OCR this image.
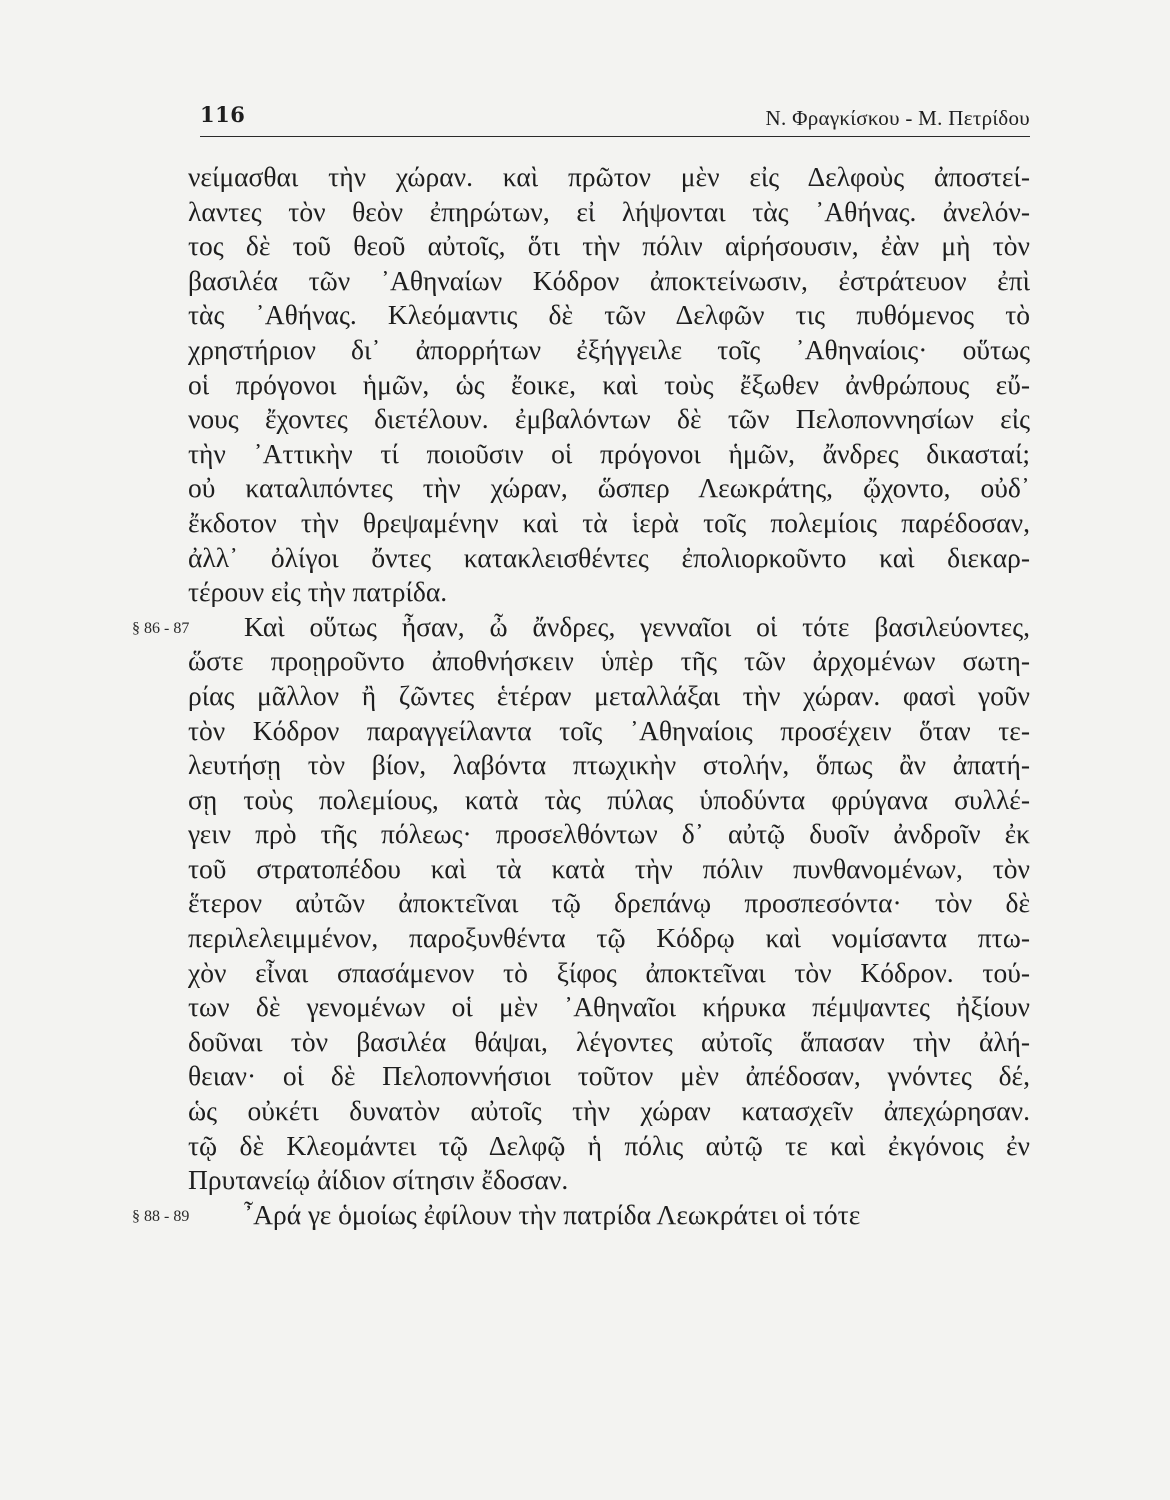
116	Ν. Φραγκίσκου - Μ. Πετρίδου
νείμασθαι τὴν χώραν. καὶ πρῶτον μὲν εἰς Δελφοὺς ἀποστεί-
λαντες τὸν θεὸν ἐπηρώτων, εἰ λήψονται τὰς ᾿Αθήνας. ἀνελόν-
τος δὲ τοῦ θεοῦ αὐτοῖς, ὅτι τὴν πόλιν αἱρήσουσιν, ἐὰν μὴ τὸν
βασιλέα τῶν ᾿Αθηναίων Κόδρον ἀποκτείνωσιν, ἐστράτευον ἐπὶ
τὰς ᾿Αθήνας. Κλεόμαντις δὲ τῶν Δελφῶν τις πυθόμενος τὸ
χρηστήριον δι᾿ ἀπορρήτων ἐξήγγειλε τοῖς ᾿Αθηναίοις· οὕτως
οἱ πρόγονοι ἡμῶν, ὡς ἔοικε, καὶ τοὺς ἔξωθεν ἀνθρώπους εὔ-
νους ἔχοντες διετέλουν. ἐμβαλόντων δὲ τῶν Πελοποννησίων εἰς
τὴν ᾿Αττικὴν τί ποιοῦσιν οἱ πρόγονοι ἡμῶν, ἄνδρες δικασταί;
οὐ καταλιπόντες τὴν χώραν, ὥσπερ Λεωκράτης, ᾤχοντο, οὐδ᾿
ἔκδοτον τὴν θρεψαμένην καὶ τὰ ἱερὰ τοῖς πολεμίοις παρέδοσαν,
ἀλλ᾿ ὀλίγοι ὄντες κατακλεισθέντες ἐπολιορκοῦντο καὶ διεκαρ-
τέρουν εἰς τὴν πατρίδα.
§ 86 - 87 Καὶ οὕτως ἦσαν, ὦ ἄνδρες, γενναῖοι οἱ τότε βασιλεύοντες,
ὥστε προῃροῦντο ἀποθνήσκειν ὑπὲρ τῆς τῶν ἀρχομένων σωτη-
ρίας μᾶλλον ἢ ζῶντες ἑτέραν μεταλλάξαι τὴν χώραν. φασὶ γοῦν
τὸν Κόδρον παραγγείλαντα τοῖς ᾿Αθηναίοις προσέχειν ὅταν τε-
λευτήσῃ τὸν βίον, λαβόντα πτωχικὴν στολήν, ὅπως ἂν ἀπατή-
σῃ τοὺς πολεμίους, κατὰ τὰς πύλας ὑποδύντα φρύγανα συλλέ-
γειν πρὸ τῆς πόλεως· προσελθόντων δ᾿ αὐτῷ δυοῖν ἀνδροῖν ἐκ
τοῦ στρατοπέδου καὶ τὰ κατὰ τὴν πόλιν πυνθανομένων, τὸν
ἕτερον αὐτῶν ἀποκτεῖναι τῷ δρεπάνῳ προσπεσόντα· τὸν δὲ
περιλελειμμένον, παροξυνθέντα τῷ Κόδρῳ καὶ νομίσαντα πτω-
χὸν εἶναι σπασάμενον τὸ ξίφος ἀποκτεῖναι τὸν Κόδρον. τού-
των δὲ γενομένων οἱ μὲν ᾿Αθηναῖοι κήρυκα πέμψαντες ἠξίουν
δοῦναι τὸν βασιλέα θάψαι, λέγοντες αὐτοῖς ἅπασαν τὴν ἀλή-
θειαν· οἱ δὲ Πελοποννήσιοι τοῦτον μὲν ἀπέδοσαν, γνόντες δέ,
ὡς οὐκέτι δυνατὸν αὐτοῖς τὴν χώραν κατασχεῖν ἀπεχώρησαν.
τῷ δὲ Κλεομάντει τῷ Δελφῷ ἡ πόλις αὐτῷ τε καὶ ἐκγόνοις ἐν
Πρυτανείῳ ἀίδιον σίτησιν ἔδοσαν.
§ 88 - 89 ῏Αρά γε ὁμοίως ἐφίλουν τὴν πατρίδα Λεωκράτει οἱ τότε
